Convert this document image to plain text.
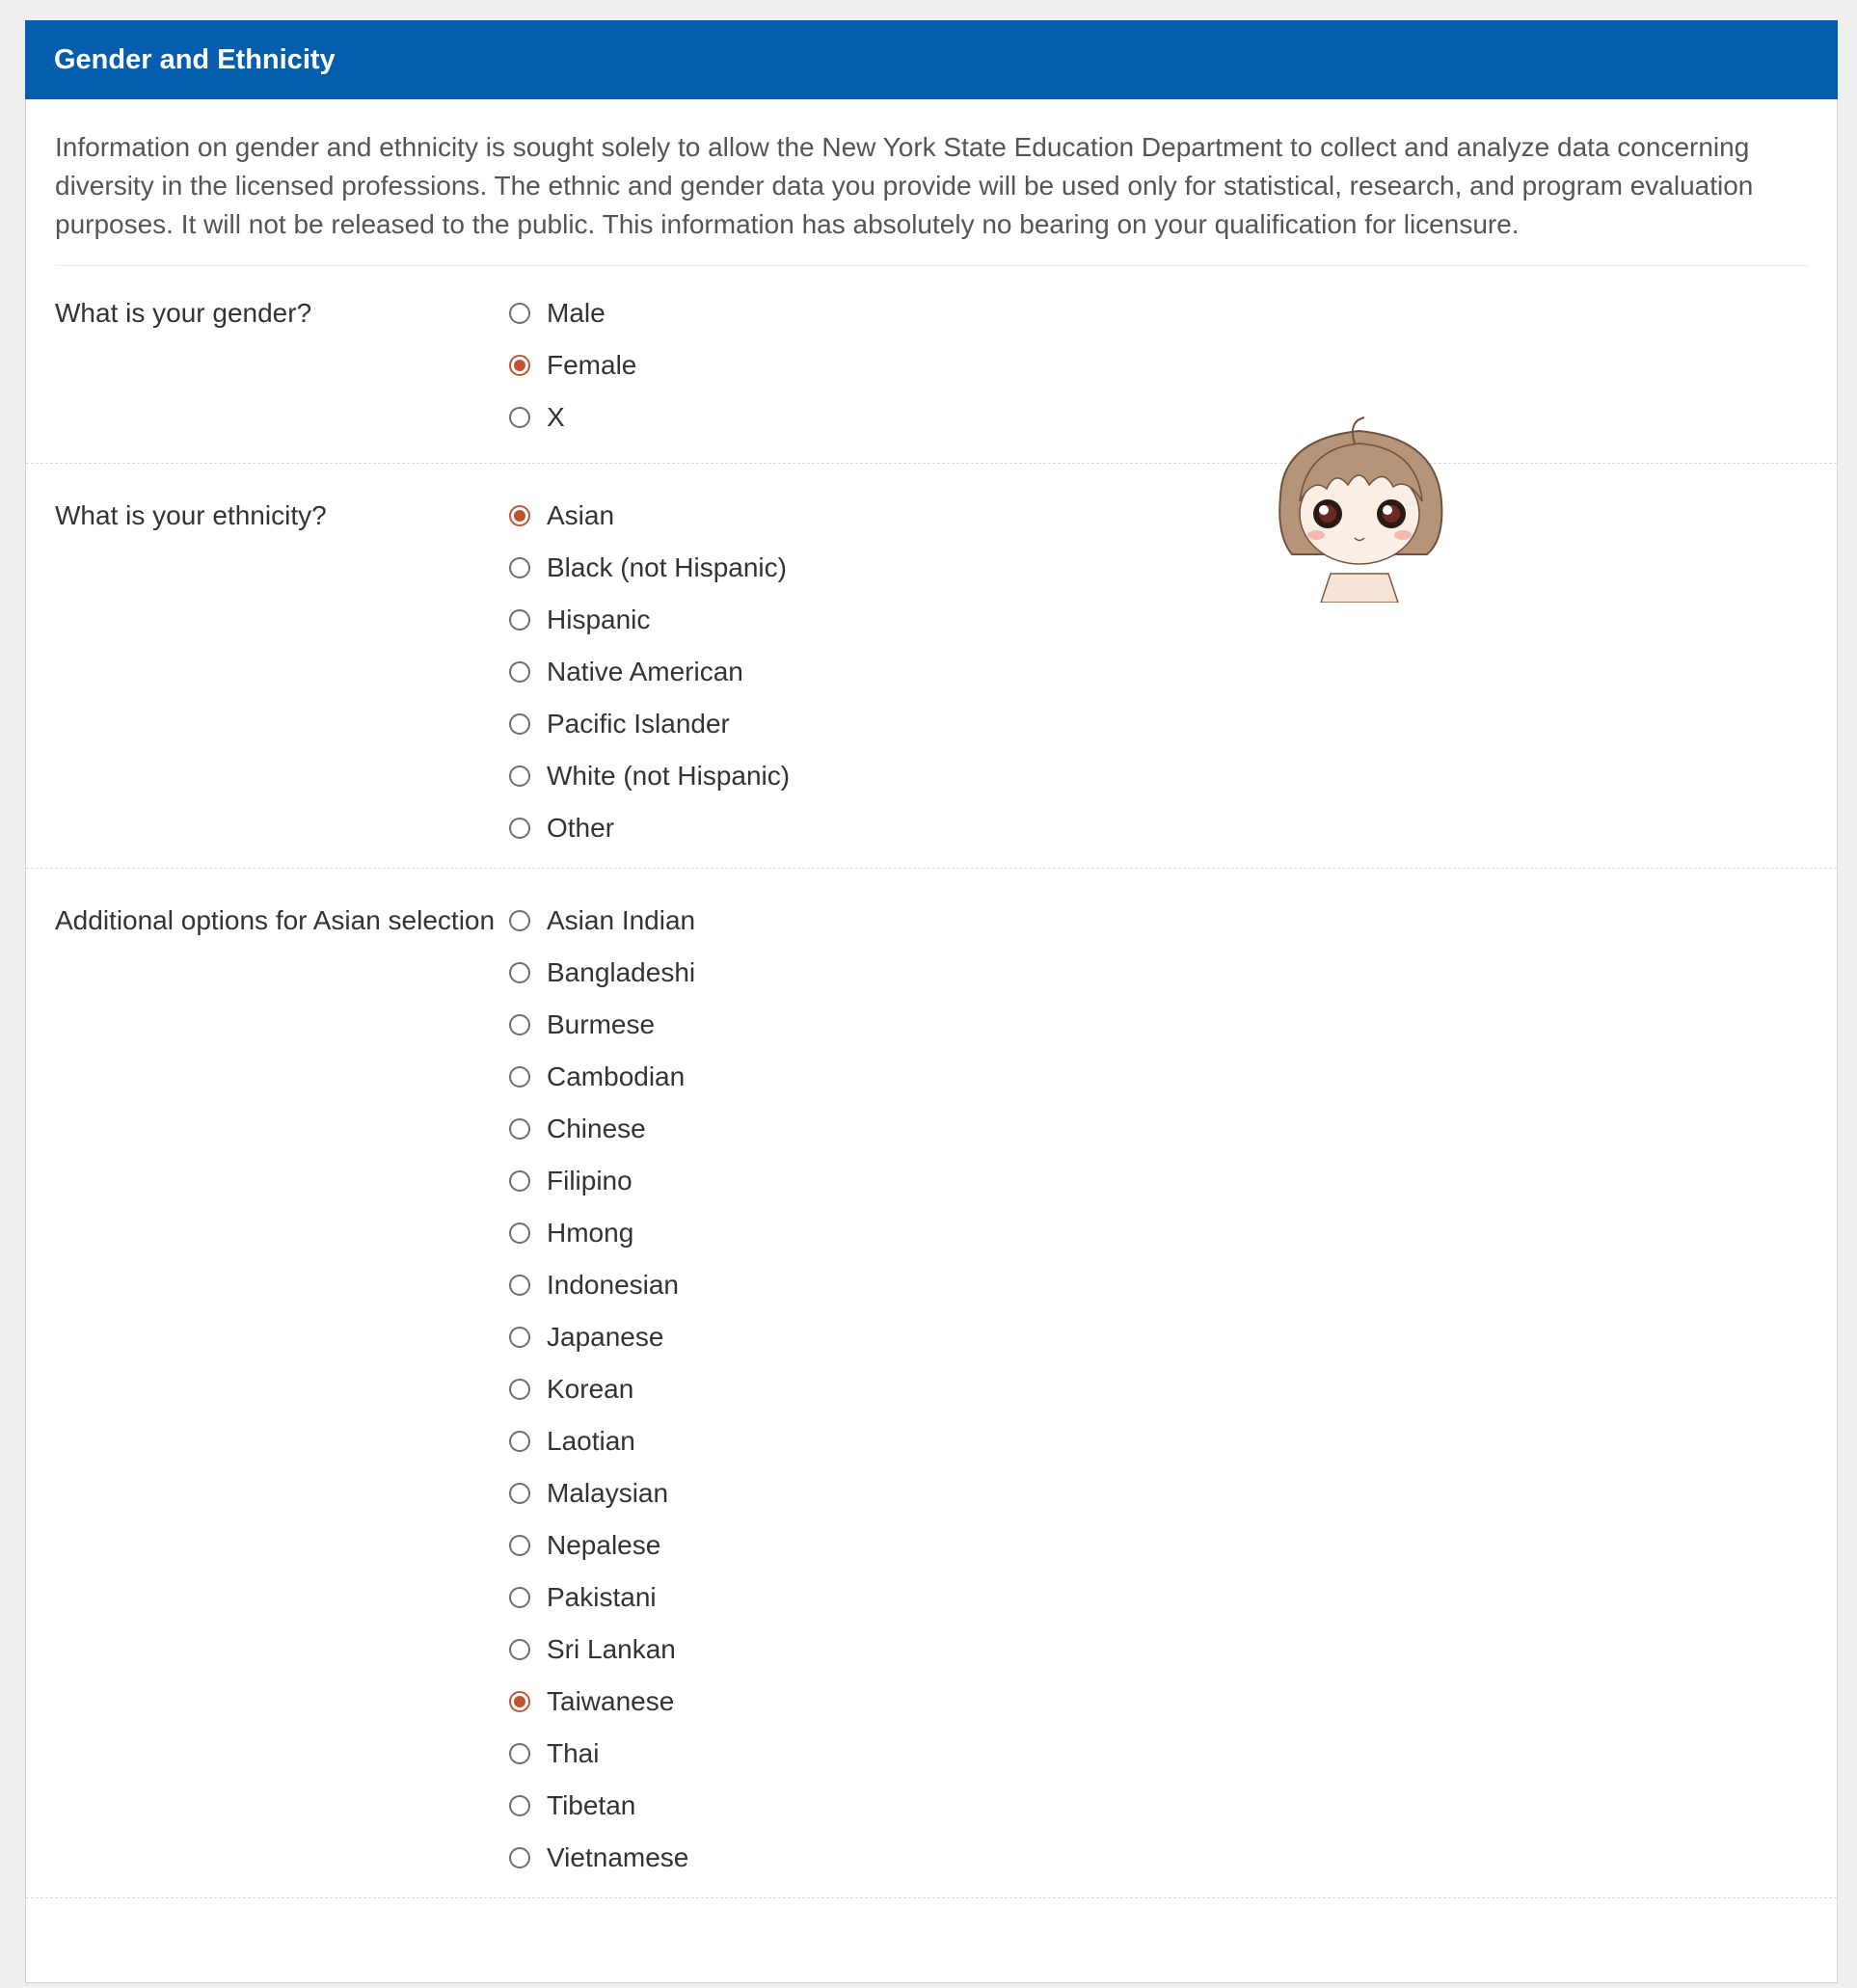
Gender and Ethnicity

Information on gender and ethnicity is sought solely to allow the New York State Education Department to collect and analyze data concerning diversity in the licensed professions. The ethnic and gender data you provide will be used only for statistical, research, and program evaluation purposes. It will not be released to the public. This information has absolutely no bearing on your qualification for licensure.

What is your gender?	Male
Female
X
What is your ethnicity?	Asian
Black (not Hispanic)
Hispanic
Native American
Pacific Islander
White (not Hispanic)
Other
Additional options for Asian selection	Asian Indian
Bangladeshi
Burmese
Cambodian
Chinese
Filipino
Hmong
Indonesian
Japanese
Korean
Laotian
Malaysian
Nepalese
Pakistani
Sri Lankan
Taiwanese
Thai
Tibetan
Vietnamese
